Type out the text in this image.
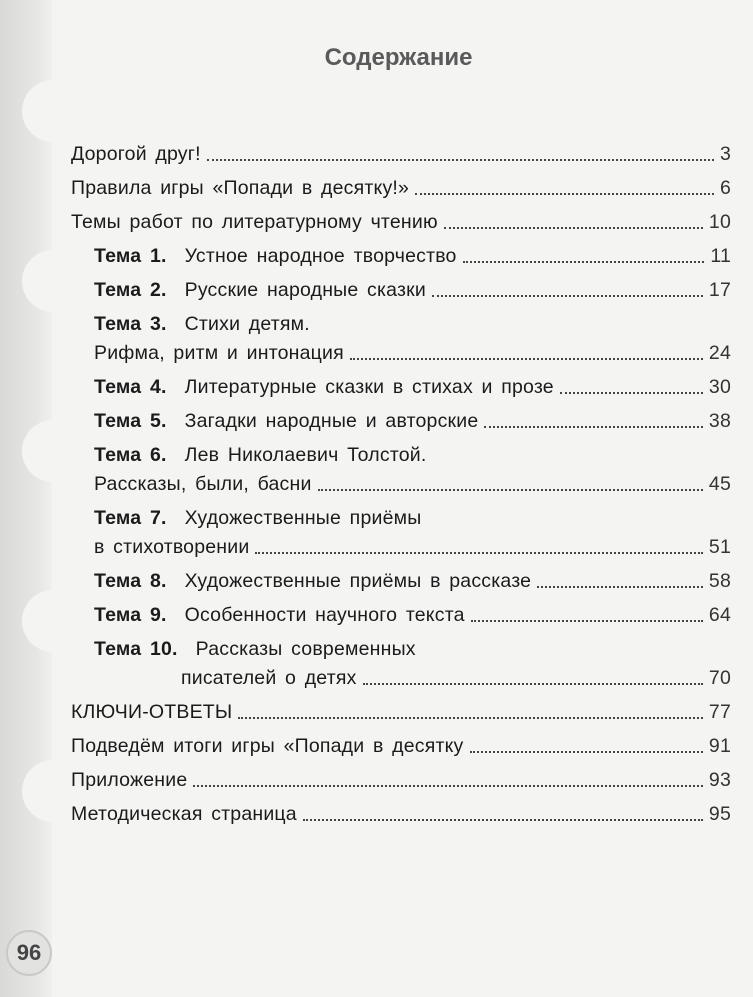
96
Содержание
Дорогой друг!	3
Правила игры «Попади в десятку!»	6
Темы работ по литературному чтению	10
Тема 1. Устное народное творчество	11
Тема 2. Русские народные сказки	17
Тема 3. Стихи детям.
Рифма, ритм и интонация	24
Тема 4. Литературные сказки в стихах и прозе	30
Тема 5. Загадки народные и авторские	38
Тема 6. Лев Николаевич Толстой.
Рассказы, были, басни	45
Тема 7. Художественные приёмы
в стихотворении	51
Тема 8. Художественные приёмы в рассказе	58
Тема 9. Особенности научного текста	64
Тема 10. Рассказы современных
писателей о детях	70
КЛЮЧИ-ОТВЕТЫ	77
Подведём итоги игры «Попади в десятку	91
Приложение	93
Методическая страница	95
